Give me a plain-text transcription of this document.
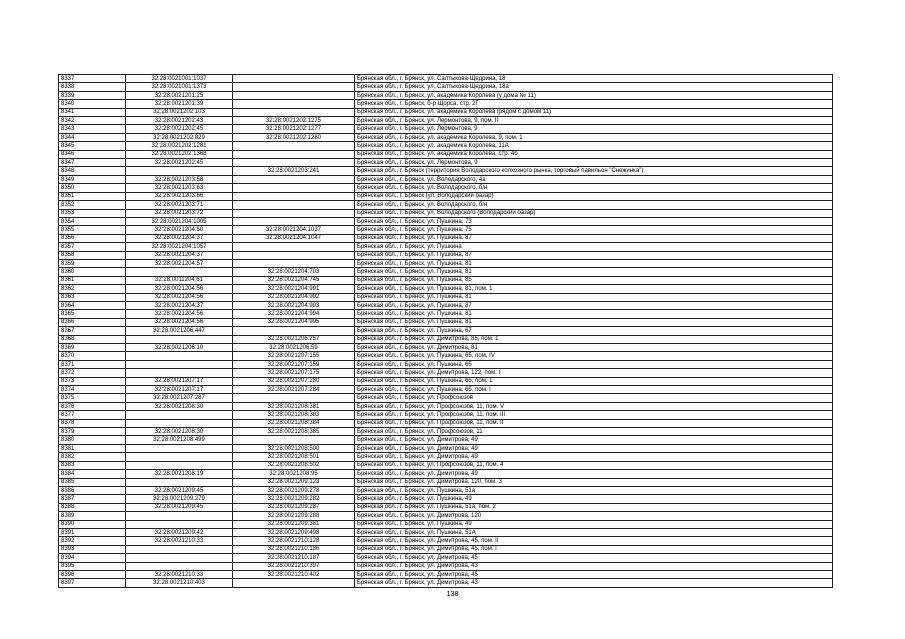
8337	32:28:0021001:1037		Брянская обл., г. Брянск, ул. Салтыкова-Щедрина, 18
8338	32:28:0021001:1373		Брянская обл., г. Брянск, ул. Салтыкова-Щедрина, 18а
8339	32:28:0021201:25		Брянская обл., г. Брянск, ул. академика Королева (у дома № 11)
8340	32:28:0021201:39		Брянская обл., г. Брянск, б-р Щорса, стр. 2Г
8341	32:28:0021202:103		Брянская обл., г. Брянск, ул. академика Королева (рядом с домом 11)
8342	32:28:0021202:43	32:28:0021202:1275	Брянская обл., г. Брянск, ул. Лермонтова, 9, пом. II
8343	32:28:0021202:45	32:28:0021202:1277	Брянская обл., г. Брянск, ул. Лермонтова, 9
8344	32:28:0021202:829	32:28:0021202:1280	Брянская обл., г. Брянск, ул. академика Королева, 9, пом. 1
8345	32:28:0021202:1281		Брянская обл., г. Брянск, ул. академика Королева, 11А
8346	32:28:0021202:1368		Брянская обл., г. Брянск, ул. академика Королева, стр. 4б
8347	32:28:0021202:45		Брянская обл., г. Брянск, ул. Лермонтова, 9
8348		32:28:0021203:241	Брянская обл., г. Брянск (территория Володарского колхозного рынка, торговый павильон "Снежинка")
8349	32:28:0021203:58		Брянская обл., г. Брянск, ул. Володарского, 4а
8350	32:28:0021203:63		Брянская обл., г. Брянск, ул. Володарского, б/н
8351	32:28:0021203:66		Брянская обл., г. Брянск (ул. Володарский базар)
8352	32:28:0021203:71		Брянская обл., г. Брянск, ул. Володарского, б/н
8353	32:28:0021203:72		Брянская обл., г. Брянск, ул. Володарского (Володарский базар)
8354	32:28:0021204:1005		Брянская обл., г. Брянск, ул. Пушкина, 73
8355	32:28:0021204:50	32:28:0021204:1037	Брянская обл., г. Брянск, ул. Пушкина, 75
8356	32:28:0021204:37	32:28:0021204:1047	Брянская обл., г. Брянск, ул. Пушкина, 87
8357	32:28:0021204:1057		Брянская обл., г. Брянск, ул. Пушкина
8358	32:28:0021204:37		Брянская обл., г. Брянск, ул. Пушкина, 87
8359	32:28:0021204:57		Брянская обл., г. Брянск, ул. Пушкина, 81
8360		32:28:0021204:703	Брянская обл., г. Брянск, ул. Пушкина, 81
8361	32:28:0011204:61	32:28:0021204:745	Брянская обл., г. Брянск, ул. Пушкина, 85
8362	32:28:0021204:56	32:28:0021204:991	Брянская обл., г. Брянск, ул. Пушкина, 81, пом. 1
8363	32:28:0021204:56	32:28:0021204:992	Брянская обл., г. Брянск, ул. Пушкина, 81
8364	32:28:0021204:37	32:28:0021204:993	Брянская обл., г. Брянск, ул. Пушкина, 87
8365	32:28:0021204:56	32:28:0021204:994	Брянская обл., г. Брянск, ул. Пушкина, 81
8366	32:28:0021204:56	32:28:0021204:995	Брянская обл., г. Брянск, ул. Пушкина, 81
8367	32:28:0021206:447		Брянская обл., г. Брянск, ул. Пушкина, 67
8368		32:28:0021206:257	Брянская обл., г. Брянск, ул. Димитрова, 85, пом. 1
8369	32:28:0021206:10	32:28:0021206:59	Брянская обл., г. Брянск, ул. Димитрова, 81
8370		32:28:0021207:155	Брянская обл., г. Брянск, ул. Пушкина, 65, пом. IV
8371		32:28:0021207:159	Брянская обл., г. Брянск, ул. Пушкина, 65
8372		32:28:0021207:175	Брянская обл., г. Брянск, ул. Димитрова, 122, пом. I
8373	32:28:0021207:17	32:28:0021207:280	Брянская обл., г. Брянск, ул. Пушкина, 65, пом. 1
8374	32:28:0021207:17	32:28:0021207:284	Брянская обл., г. Брянск, ул. Пушкина, 65, пом. I
8375	32:28:0021207:287		Брянская обл., г. Брянск, ул. Профсоюзов
8376	32:28:0021208:30	32:28:0021208:381	Брянская обл., г. Брянск, ул. Профсоюзов, 11, пом. V
8377		32:28:0021208:383	Брянская обл., г. Брянск, ул. Профсоюзов, 11, пом. III
8378		32:28:0021208:384	Брянская обл., г. Брянск, ул. Профсоюзов, 11, пом. II
8379	32:28:0021208:30	32:28:0021208:385	Брянская обл., г. Брянск, ул. Профсоюзов, 11
8380	32:28:0021208:499		Брянская обл., г. Брянск, ул. Димитрова, 49
8381		32:28:0021208:500	Брянская обл., г. Брянск, ул. Димитрова, 49
8382		32:28:0021208:501	Брянская обл., г. Брянск, ул. Димитрова, 49
8383		32:28:0021208:502	Брянская обл., г. Брянск, ул. Профсоюзов, 11, пом. 4
8384	32:28:0021208:19	32:28:0021208:95	Брянская обл., г. Брянск, ул. Димитрова, 49
8385		32:28:0021209:123	Брянская обл., г. Брянск, ул. Димитрова, 120, пом. 3
8386	32:28:0021209:45	32:28:0021209:278	Брянская обл., г. Брянск, ул. Пушкина, 51а
8387	32:28:0021209:279	32:28:0021209:282	Брянская обл., г. Брянск, ул. Пушкина, 49
8388	32:28:0021209:45	32:28:0021209:287	Брянская обл., г. Брянск, ул. Пушкина, 51а, пом. 2
8389		32:28:0021209:288	Брянская обл., г. Брянск, ул. Димитрова, 120
8390		32:28:0021209:381	Брянская обл., г. Брянск, ул. Пушкина, 49
8391	32:28:0021209:42	32:28:0021209:498	Брянская обл., г. Брянск, ул. Пушкина, 51А
8392	32:28:0021210:33	32:28:0021210:128	Брянская обл., г. Брянск, ул. Димитрова, 45, пом. II
8393		32:28:0021210:186	Брянская обл., г. Брянск, ул. Димитрова, 45, пом. I
8394		32:28:0021210:187	Брянская обл., г. Брянск, ул. Димитрова, 45
8395		32:28:0021210:397	Брянская обл., г. Брянск, ул. Димитрова, 43
8396	32:28:0021210:33	32:28:0021210:402	Брянская обл., г. Брянск, ул. Димитрова, 45
8397	32:28:0021210:403		Брянская обл., г. Брянск, ул. Димитрова, 43
138
